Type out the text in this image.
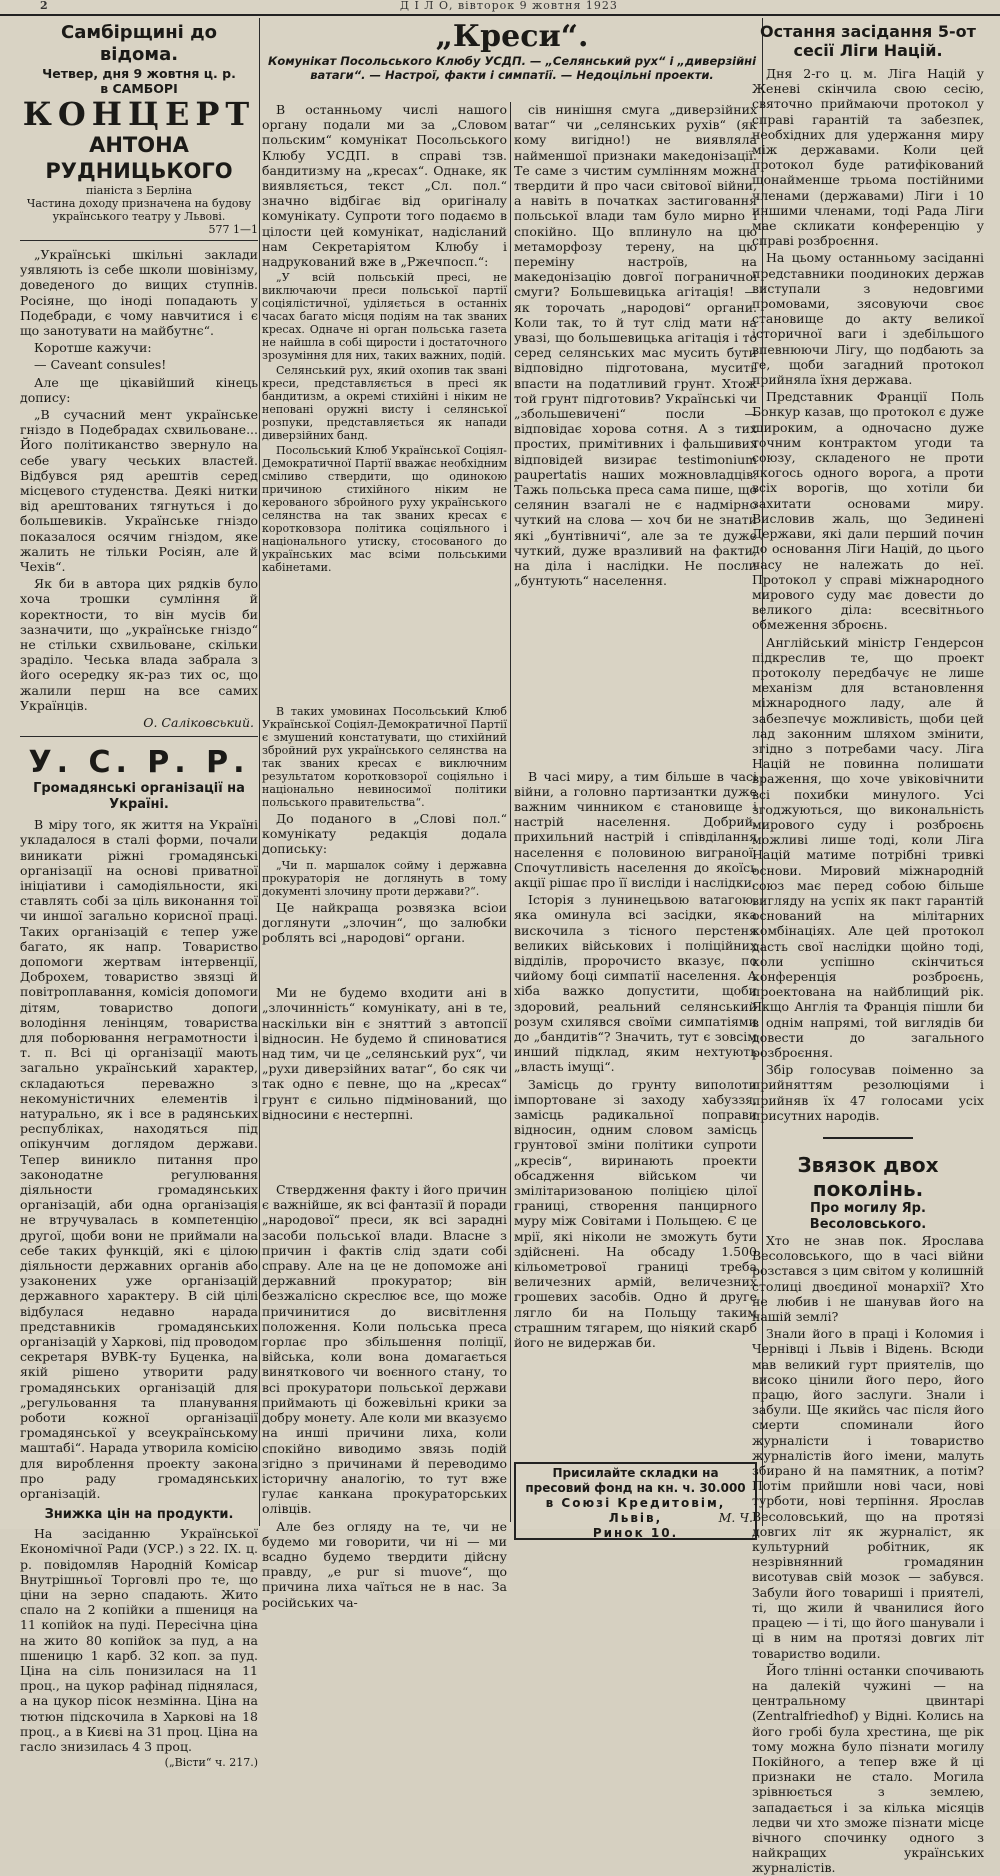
2	Д І Л О, вівторок 9 жовтня 1923
Самбірщині до відома.
Четвер, дня 9 жовтня ц. р.
в САМБОРІ
КОНЦЕРТ
АНТОНА РУДНИЦЬКОГО
піаніста з Берліна
Частина доходу призначена на будову українського театру у Львові.
577 1—1

„Українські шкільні заклади уявляють із себе школи шовінізму, доведеного до вищих ступнів. Росіяне, що іноді попадають у Подебради, є чому навчитися і є що занотувати на майбутнє“.

Коротше кажучи:

— Caveant consules!

Але ще цікавійший кінець допису:

„В сучасний мент українське гніздо в Подебрадах схвильоване... Його політиканство звернуло на себе увагу чеських властей. Відбувся ряд арештів серед місцевого студенства. Деякі нитки від арештованих тягнуться і до большевиків. Українське гніздо показалося осячим гніздом, яке жалить не тільки Росіян, але й Чехів“.

Як би в автора цих рядків було хоча трошки сумління й коректности, то він мусів би зазначити, що „українське гніздо“ не стільки схвильоване, скільки зраділо. Чеська влада забрала з його осередку як-раз тих ос, що жалили перш на все самих Українців.

О. Саліковський.
У. С. Р. Р.
Громадянські організації на Україні.

В міру того, як життя на Україні укладалося в сталі форми, почали виникати ріжні громадянські організації на основі приватної ініціативи і самодіяльности, які ставлять собі за ціль виконання тої чи иншої загально корисної праці. Таких організацій є тепер уже багато, як напр. Товариство допомоги жертвам інтервенції, Доброхем, товариство звязці й повітроплавання, комісія допомоги дітям, товариство допоги володіння ленінцям, товариства для поборювання неграмотности і т. п. Всі ці організації мають загально український характер, складаються переважно з некомуністичних елементів і натурально, як і все в радянських республіках, находяться під опікунчим доглядом держави. Тепер виникло питання про законодатне регулювання діяльности громадянських організацій, аби одна організація не втручувалась в компетенцію другої, щоби вони не приймали на себе таких функцій, які є цілою діяльности державних органів або узаконених уже організацій державного характеру. В сій цілі відбулася недавно нарада представників громадянських організацій у Харкові, під проводом секретаря ВУВК-ту Буценка, на якій рішено утворити раду громадянських організацій для „регульовання та планування роботи кожної організації громадянської у всеукраїнському маштабі“. Нарада утворила комісію для вироблення проекту закона про раду громадянських організацій.

Знижка цін на продукти.

На засіданню Української Економічної Ради (УСР.) з 22. IX. ц. р. повідомляв Народній Комісар Внутрішньої Торговлі про те, що ціни на зерно спадають. Жито спало на 2 копійки а пшениця на 11 копійок на пуді. Пересічна ціна на жито 80 копійок за пуд, а на пшеницю 1 карб. 32 коп. за пуд. Ціна на сіль понизилася на 11 проц., на цукор рафінад піднялася, а на цукор пісок незмінна. Ціна на тютюн підскочила в Харкові на 18 проц., а в Києві на 31 проц. Ціна на гасло знизилась 4 3 проц.

(„Вісти“ ч. 217.)
„Креси“.
Комунікат Посольського Клюбу УСДП. — „Селянський рух“ і „диверзійні ватаги“. — Настрої, факти і симпатії. — Недоцільні проекти.

В останньому числі нашого органу подали ми за „Словом польским“ комунікат Посольського Клюбу УСДП. в справі тзв. бандитизму на „кресах“. Однаке, як виявляється, текст „Сл. пол.“ значно відбігає від оригіналу комунікату. Супроти того подаємо в цілости цей комунікат, надісланий нам Секретаріятом Клюбу і надрукований вже в „Ржечпосп.“:

„У всій польській пресі, не виключаючи преси польської партії соціялістичної, уділяється в останніх часах багато місця подіям на так званих кресах. Одначе ні орган польська газета не найшла в собі щирости і достаточного зрозуміння для них, таких важних, подій.

Селянський рух, який охопив так звані креси, представляється в пресі як бандитизм, а окремі стихійні і ніким не неповані оружні висту і селянської розпуки, представляється як напади диверзійних банд.

Посольський Клюб Української Соціял-Демократичної Партії вважає необхідним сміливо ствердити, що одинокою причиною стихійного ніким не керованого збройного руху українського селянства на так званих кресах є коротковзора політика соціяльного і національного утиску, стосованого до українських мас всіми польськими кабінетами.

В таких умовинах Посольський Клюб Української Соціял-Демократичної Партії є змушений констатувати, що стихійний збройний рух українського селянства на так званих кресах є виключним результатом коротковзорої соціяльно і національно невиносимої політики польського правительства“.

До поданого в „Слові пол.“ комунікату редакція додала допиську:

„Чи п. маршалок сойму і державна прокураторія не доглянуть в тому документі злочину проти держави?“.

Це найкраща розвязка всіои доглянути „злочин“, що залюбки роблять всі „народові“ органи.

Ми не будемо входити ані в „злочинність“ комунікату, ані в те, наскільки він є зняттий з автопсії відносин. Не будемо й спиноватися над тим, чи це „селянський рух“, чи „рухи диверзійних ватаг“, бо сяк чи так одно є певне, що на „кресах“ грунт є сильно підмінований, що відносини є нестерпні.

Ствердження факту і його причин є важнійше, як всі фантазії й поради „народової“ преси, як всі зарадні засоби польської влади. Власне з причин і фактів слід здати собі справу. Але на це не допоможе ані державний прокуратор; він безжалісно скреслює все, що може причинитися до висвітлення положення. Коли польська преса горлає про збільшення поліції, війська, коли вона домагається виняткового чи воєнного стану, то всі прокуратори польської держави приймають ці божевільні крики за добру монету. Але коли ми вказуємо на инші причини лиха, коли спокійно виводимо звязь подій згідно з причинами й переводимо історичну аналогію, то тут вже гулає канкана прокураторських олівців.

Але без огляду на те, чи не будемо ми говорити, чи ні — ми всадно будемо твердити дійсну правду, „e pur si muove“, що причина лиха чаїться не в нас. За російських ча-

сів нинішня смуга „диверзійних ватаг“ чи „селянських рухів“ (як кому вигідно!) не виявляла найменшої признаки македонізації. Те саме з чистим сумлінням можна твердити й про часи світової війни, а навіть в початках застиговання польської влади там було мирно і спокійно. Що вплинуло на цю метаморфозу терену, на цю переміну настроїв, на македонізацію довгої пограничної смуги? Большевицька агітація! — як торочать „народові“ органи. Коли так, то й тут слід мати на увазі, що большевицька агітація і то серед селянських мас мусить бути відповідно підготована, мусить впасти на податливий грунт. Хтож той грунт підготовив? Українські чи „збольшевичені“ посли — відповідає хорова сотня. А з тих простих, примітивних і фальшивих відповідей визирає testimonium paupertatis наших можновладців. Тажь польська преса сама пише, що селянин взагалі не є надмірно чуткий на слова — хоч би не знати які „бунтівничі“, але за те дуже чуткий, дуже вразливий на факти, на діла і наслідки. Не посли „бунтують“ населення.

В часі миру, а тим більше в часі війни, а головно партизантки дуже важним чинником є становище і настрій населення. Добрий, прихильний настрій і співділання населення є половиною виграної. Спочутливість населення до якоїсь акції рішає про її висліди і наслідки.

Історія з лунинецьвою ватагою, яка оминула всі засідки, яка вискочила з тісного перстеня великих військових і поліційних відділів, пророчисто вказує, по чийому боці симпатії населення. А хіба важко допустити, щоби здоровий, реальний селянський розум схилявся своїми симпатіями до „бандитів“? Значить, тут є зовсім инший підклад, яким нехтують „власть імущі“.

Замісць до грунту виполоти імпортоване зі заходу хабуззя, замісць радикальної поправи відносин, одним словом замісць грунтової зміни політики супроти „кресів“, виринають проекти обсадження військом чи змілітаризованою поліцією цілої границі, створення панцирного муру між Совітами і Польщею. Є це мрії, які ніколи не зможуть бути здійснені. На обсаду 1.500 кільометрової границі треба величезних армій, величезних грошевих засобів. Одно й друге лягло би на Польщу таким страшним тягарем, що ніякий скарб його не видержав би.

М. Ч.
Присилайте складки на пресовий фонд на кн. ч. 30.000
в Союзі Кредитовім, Львів,
Ринок 10.
Остання засідання 5-от сесії Ліги Націй.

Дня 2-го ц. м. Ліга Націй у Женеві скінчила свою сесію, святочно приймаючи протокол у справі гарантій та забезпек, необхідних для удержання миру між державами. Коли цей протокол буде ратифікований щонайменше трьома постійними членами (державами) Ліги і 10 иншими членами, тоді Рада Ліги мае скликати конференцію у справі розброєння.

На цьому останньому засіданні представники поодиноких держав виступали з недовгими промовами, зясовуючи своє становище до акту великої історичної ваги і здебільшого впевнюючи Лігу, що подбають за те, щоби загадний протокол прийняла їхня держава.

Представник Франції Поль Бонкур казав, що протокол є дуже широким, а одночасно дуже точним контрактом угоди та союзу, складеного не проти якогось одного ворога, а проти всіх ворогів, що хотіли би захитати основами миру. Висловив жаль, що Зединені Держави, які дали перший почин до основання Ліги Націй, до цього часу не належать до неї. Протокол у справі міжнародного мирового суду має довести до великого діла: всесвітнього обмеження зброєнь.

Англійський міністр Гендерсон підкреслив те, що проект протоколу передбачує не лише механізм для встановлення міжнародного ладу, але й забезпечує можливість, щоби цей лад законним шляхом змінити, згідно з потребами часу. Ліга Націй не повинна полишати враження, що хоче увіковічнити всі похибки минулого. Усі згоджуються, що викональність мирового суду і розброєнь можливі лише тоді, коли Ліга Націй матиме потрібні тривкі основи. Мировий міжнародній союз має перед собою більше вигляду на успіх як пакт гарантій оснований на мілітарних комбінаціях. Але цей протокол дасть свої наслідки щойно тоді, коли успішно скінчиться конференція розброєнь, проектована на найблищий рік. Якщо Англія та Франція пішли би в однім напрямі, той виглядів би довести до загального розброєння.

Збір голосував поіменно за прийняттям резолюціями і прийняв їх 47 голосами усіх присутних народів.

Звязок двох поколінь.
Про могилу Яр. Весоловського.

Хто не знав пок. Ярослава Весоловського, що в часі війни розстався з цим світом у колишній столиці двоєдиної монархії? Хто не любив і не шанував його на нашій землі?

Знали його в праці і Коломия і Чернівці і Львів і Відень. Всюди мав великий гурт приятелів, що високо цінили його перо, його працю, його заслуги. Знали і забули. Ще якийсь час після його смерти споминали його журналісти і товариство журналістів його імени, малуть збирано й на памятник, а потім? Потім прийшли нові часи, нові турботи, нові терпіння. Ярослав Весоловський, що на протязі довгих літ як журналіст, як культурний робітник, як незрівнянний громадянин висотував свій мозок — забувся. Забули його товариші і приятелі, ті, що жили й чванилися його працею — і ті, що його шанували і ці в ним на протязі довгих літ товариство водили.

Його тлінні останки спочивають на далекій чужині — на центральному цвинтарі (Zentralfriedhof) у Відні. Колись на його гробі була хрестина, ще рік тому можна було пізнати могилу Покійного, а тепер вже й ці признаки не стало. Могила зрівнюється з землею, западається і за кілька місяців ледви чи хто зможе пізнати місце вічного спочинку одного з найкращих українських журналістів.
